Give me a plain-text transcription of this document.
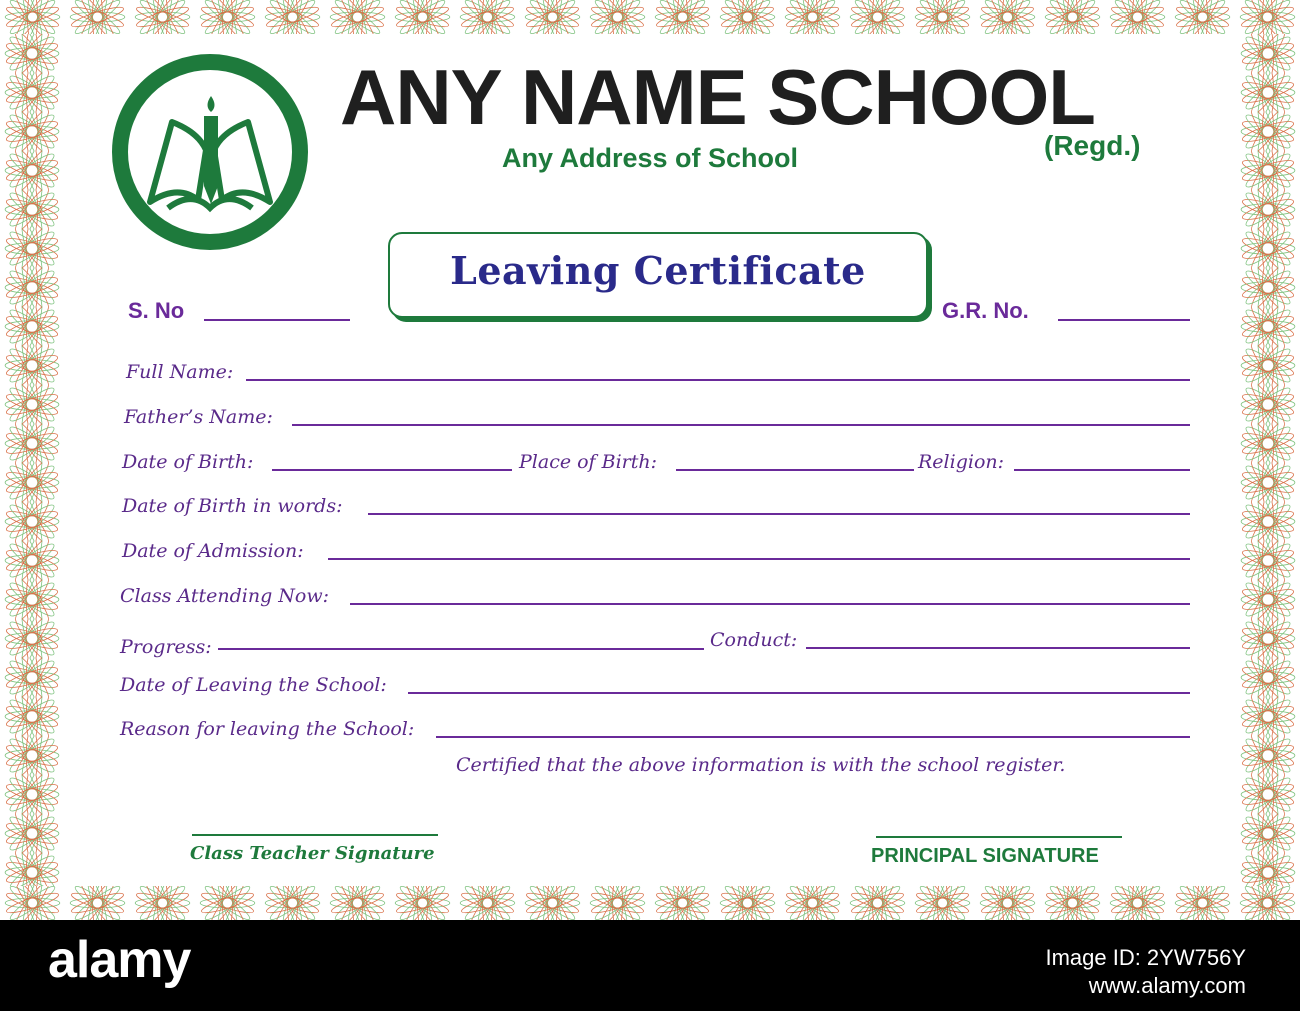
ANY NAME SCHOOL
(Regd.)
Any Address of School
Leaving Certificate
S. No	G.R. No.
Full Name:
Father’s Name:
Date of Birth:	Place of Birth:	Religion:
Date of Birth in words:
Date of Admission:
Class Attending Now:
Progress:	Conduct:
Date of Leaving the School:
Reason for leaving the School:
Certified that the above information is with the school register.
Class Teacher Signature	PRINCIPAL SIGNATURE
alamy	Image ID: 2YW756Y
www.alamy.com
